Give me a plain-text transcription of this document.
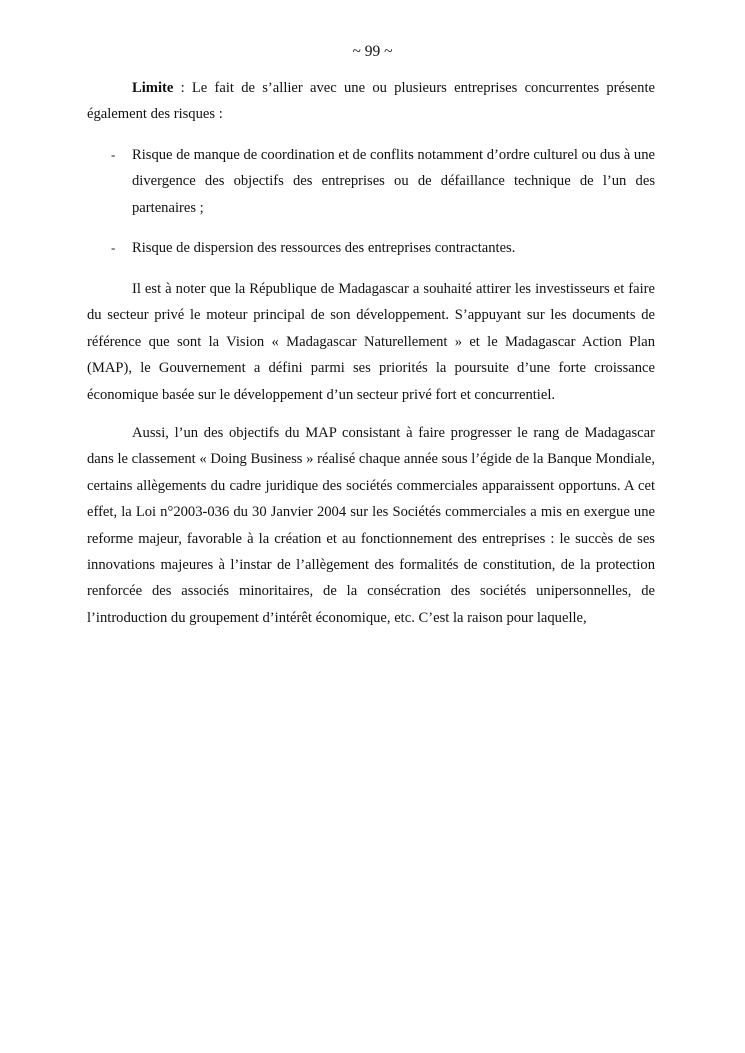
~ 99 ~

Limite : Le fait de s’allier avec une ou plusieurs entreprises concurrentes présente également des risques :

- Risque de manque de coordination et de conflits notamment d’ordre culturel ou dus à une divergence des objectifs des entreprises ou de défaillance technique de l’un des partenaires ;

- Risque de dispersion des ressources des entreprises contractantes.

Il est à noter que la République de Madagascar a souhaité attirer les investisseurs et faire du secteur privé le moteur principal de son développement. S’appuyant sur les documents de référence que sont la Vision « Madagascar Naturellement » et le Madagascar Action Plan (MAP), le Gouvernement a défini parmi ses priorités la poursuite d’une forte croissance économique basée sur le développement d’un secteur privé fort et concurrentiel.

Aussi, l’un des objectifs du MAP consistant à faire progresser le rang de Madagascar dans le classement « Doing Business » réalisé chaque année sous l’égide de la Banque Mondiale, certains allègements du cadre juridique des sociétés commerciales apparaissent opportuns. A cet effet, la Loi n°2003-036 du 30 Janvier 2004 sur les Sociétés commerciales a mis en exergue une reforme majeur, favorable à la création et au fonctionnement des entreprises : le succès de ses innovations majeures à l’instar de l’allègement des formalités de constitution, de la protection renforcée des associés minoritaires, de la consécration des sociétés unipersonnelles, de l’introduction du groupement d’intérêt économique, etc. C’est la raison pour laquelle,
